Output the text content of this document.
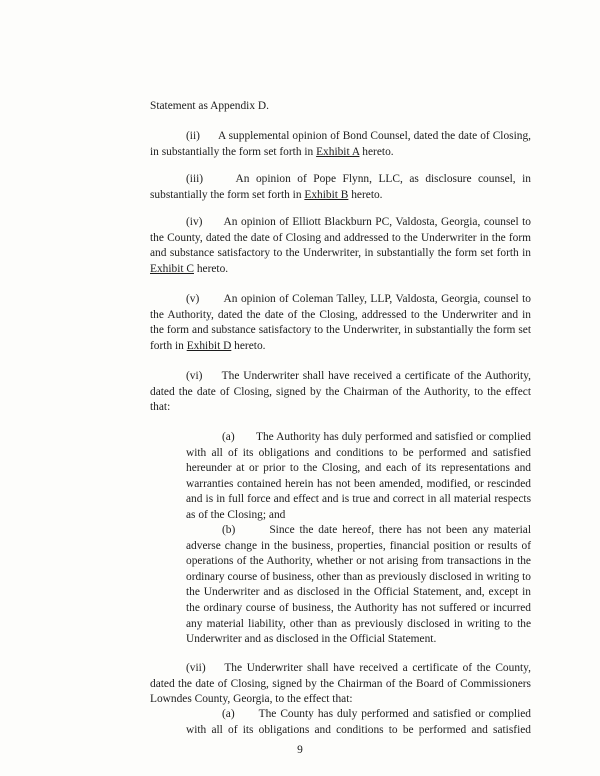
Statement as Appendix D.

(ii)      A supplemental opinion of Bond Counsel, dated the date of Closing, in substantially the form set forth in Exhibit A hereto.

(iii)     An opinion of Pope Flynn, LLC, as disclosure counsel, in substantially the form set forth in Exhibit B hereto.

(iv)      An opinion of Elliott Blackburn PC, Valdosta, Georgia, counsel to the County, dated the date of Closing and addressed to the Underwriter in the form and substance satisfactory to the Underwriter, in substantially the form set forth in Exhibit C hereto.

(v)       An opinion of Coleman Talley, LLP, Valdosta, Georgia, counsel to the Authority, dated the date of the Closing, addressed to the Underwriter and in the form and substance satisfactory to the Underwriter, in substantially the form set forth in Exhibit D hereto.

(vi)     The Underwriter shall have received a certificate of the Authority, dated the date of Closing, signed by the Chairman of the Authority, to the effect that:

(a)       The Authority has duly performed and satisfied or complied with all of its obligations and conditions to be performed and satisfied hereunder at or prior to the Closing, and each of its representations and warranties contained herein has not been amended, modified, or rescinded and is in full force and effect and is true and correct in all material respects as of the Closing; and

(b)       Since the date hereof, there has not been any material adverse change in the business, properties, financial position or results of operations of the Authority, whether or not arising from transactions in the ordinary course of business, other than as previously disclosed in writing to the Underwriter and as disclosed in the Official Statement, and, except in the ordinary course of business, the Authority has not suffered or incurred any material liability, other than as previously disclosed in writing to the Underwriter and as disclosed in the Official Statement.

(vii)    The Underwriter shall have received a certificate of the County, dated the date of Closing, signed by the Chairman of the Board of Commissioners Lowndes County, Georgia, to the effect that:

(a)      The County has duly performed and satisfied or complied with all of its obligations and conditions to be performed and satisfied

9
